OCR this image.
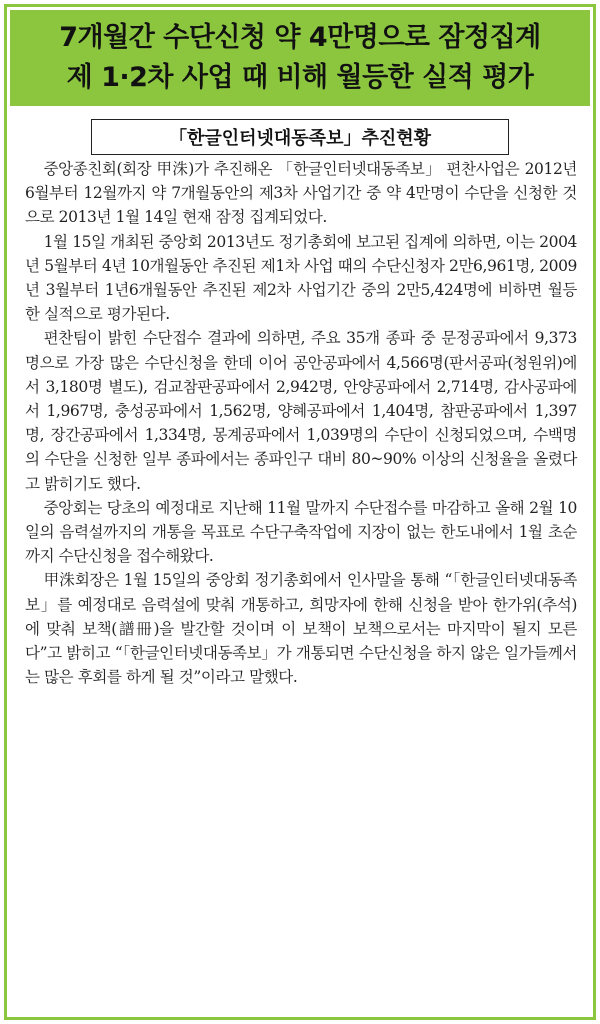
7개월간 수단신청 약 4만명으로 잠정집계
제 1·2차 사업 때 비해 월등한 실적 평가
「한글인터넷대동족보」추진현황

중앙종친회(회장 甲洙)가 추진해온 「한글인터넷대동족보」 편찬사업은 2012년 6월부터 12월까지 약 7개월동안의 제3차 사업기간 중 약 4만명이 수단을 신청한 것으로 2013년 1월 14일 현재 잠정 집계되었다.

1월 15일 개최된 중앙회 2013년도 정기총회에 보고된 집계에 의하면, 이는 2004년 5월부터 4년 10개월동안 추진된 제1차 사업 때의 수단신청자 2만6,961명, 2009년 3월부터 1년6개월동안 추진된 제2차 사업기간 중의 2만5,424명에 비하면 월등한 실적으로 평가된다.

편찬팀이 밝힌 수단접수 결과에 의하면, 주요 35개 종파 중 문정공파에서 9,373명으로 가장 많은 수단신청을 한데 이어 공안공파에서 4,566명(판서공파(청원위)에서 3,180명 별도), 검교참판공파에서 2,942명, 안양공파에서 2,714명, 감사공파에서 1,967명, 충성공파에서 1,562명, 양혜공파에서 1,404명, 참판공파에서 1,397명, 장간공파에서 1,334명, 몽계공파에서 1,039명의 수단이 신청되었으며, 수백명의 수단을 신청한 일부 종파에서는 종파인구 대비 80~90% 이상의 신청율을 올렸다고 밝히기도 했다.

중앙회는 당초의 예정대로 지난해 11월 말까지 수단접수를 마감하고 올해 2월 10일의 음력설까지의 개통을 목표로 수단구축작업에 지장이 없는 한도내에서 1월 초순까지 수단신청을 접수해왔다.

甲洙회장은 1월 15일의 중앙회 정기총회에서 인사말을 통해 “「한글인터넷대동족보」를 예정대로 음력설에 맞춰 개통하고, 희망자에 한해 신청을 받아 한가위(추석)에 맞춰 보책(譜冊)을 발간할 것이며 이 보책이 보책으로서는 마지막이 될지 모른다”고 밝히고 “「한글인터넷대동족보」가 개통되면 수단신청을 하지 않은 일가들께서는 많은 후회를 하게 될 것”이라고 말했다.
